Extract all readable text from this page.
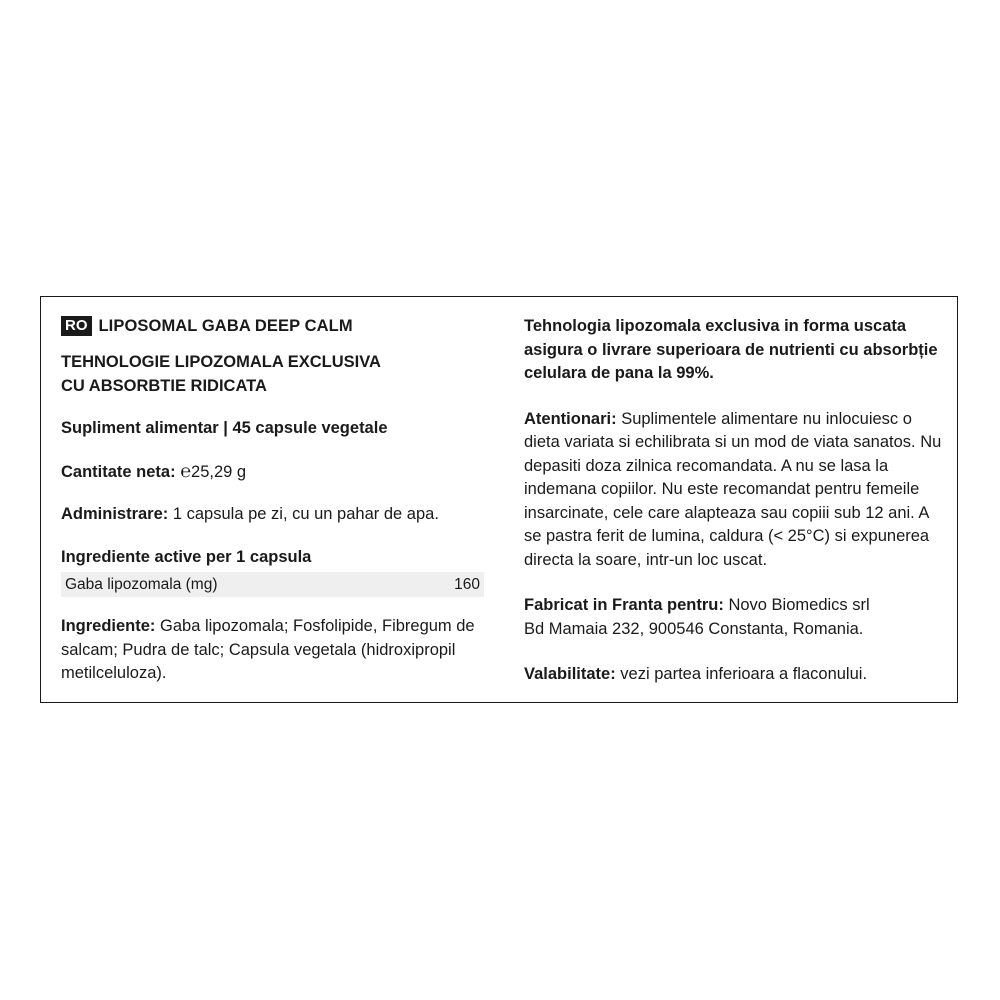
RO LIPOSOMAL GABA DEEP CALM

TEHNOLOGIE LIPOZOMALA EXCLUSIVA

CU ABSORBTIE RIDICATA

Supliment alimentar | 45 capsule vegetale

Cantitate neta: ℮25,29 g

Administrare: 1 capsula pe zi, cu un pahar de apa.

Ingrediente active per 1 capsula

Gaba lipozomala (mg)	160

Ingrediente: Gaba lipozomala; Fosfolipide, Fibregum de salcam; Pudra de talc; Capsula vegetala (hidroxipropil metilceluloza).

Tehnologia lipozomala exclusiva in forma uscata asigura o livrare superioara de nutrienti cu absorbție celulara de pana la 99%.

Atentionari: Suplimentele alimentare nu inlocuiesc o dieta variata si echilibrata si un mod de viata sanatos. Nu depasiti doza zilnica recomandata. A nu se lasa la indemana copiilor. Nu este recomandat pentru femeile insarcinate, cele care alapteaza sau copiii sub 12 ani. A se pastra ferit de lumina, caldura (< 25°C) si expunerea directa la soare, intr-un loc uscat.

Fabricat in Franta pentru: Novo Biomedics srl

Bd Mamaia 232, 900546 Constanta, Romania.

Valabilitate: vezi partea inferioara a flaconului.
